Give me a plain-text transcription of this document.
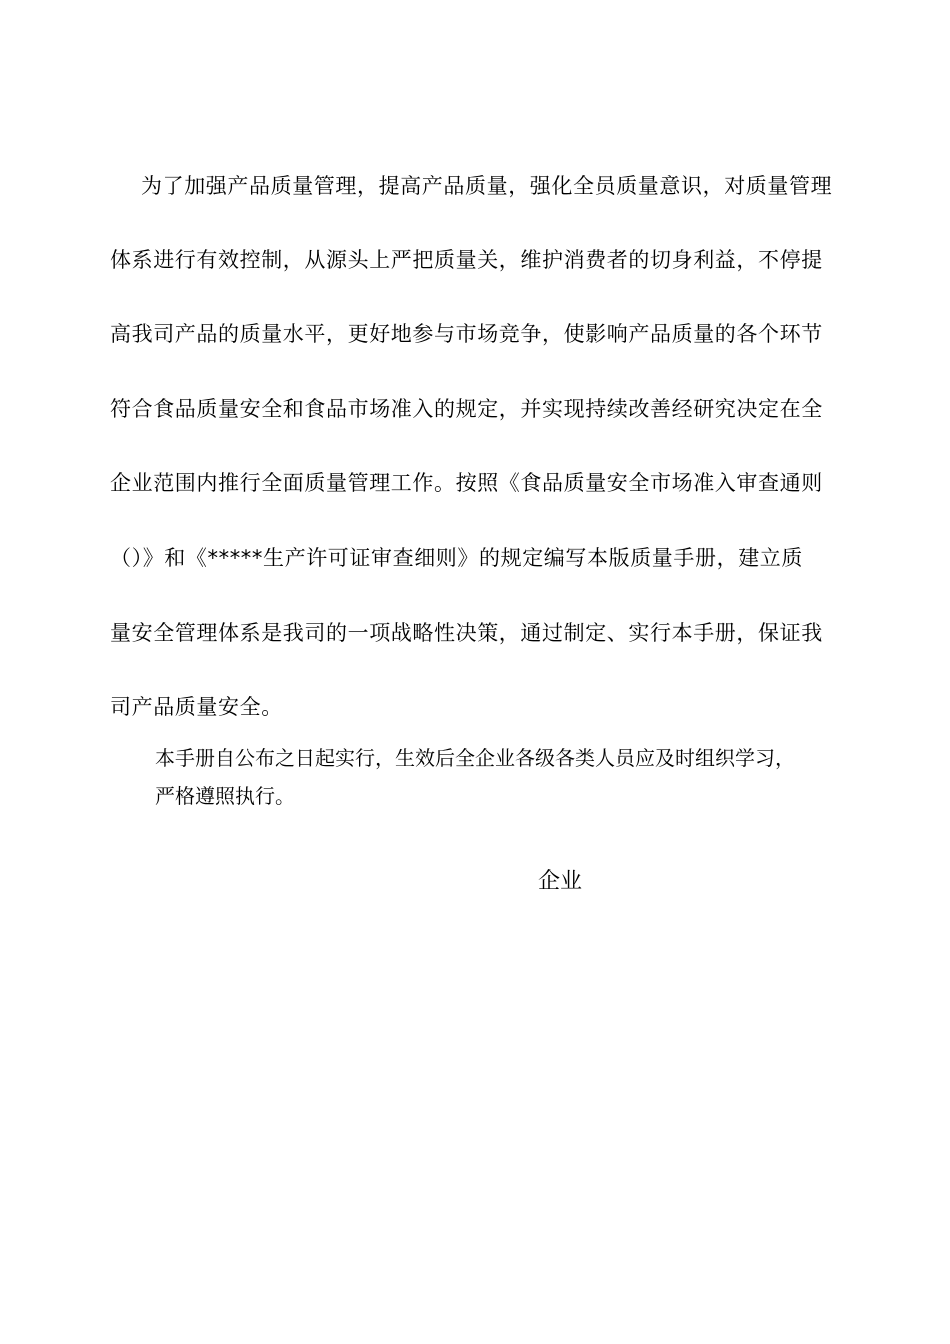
为了加强产品质量管理，提高产品质量，强化全员质量意识，对质量管理
体系进行有效控制，从源头上严把质量关，维护消费者的切身利益，不停提
高我司产品的质量水平，更好地参与市场竞争，使影响产品质量的各个环节
符合食品质量安全和食品市场准入的规定，并实现持续改善经研究决定在全
企业范围内推行全面质量管理工作。按照《食品质量安全市场准入审查通则
（）》和《*****生产许可证审查细则》的规定编写本版质量手册，建立质
量安全管理体系是我司的一项战略性决策，通过制定、实行本手册，保证我
司产品质量安全。
本手册自公布之日起实行，生效后全企业各级各类人员应及时组织学习，
严格遵照执行。
企业
